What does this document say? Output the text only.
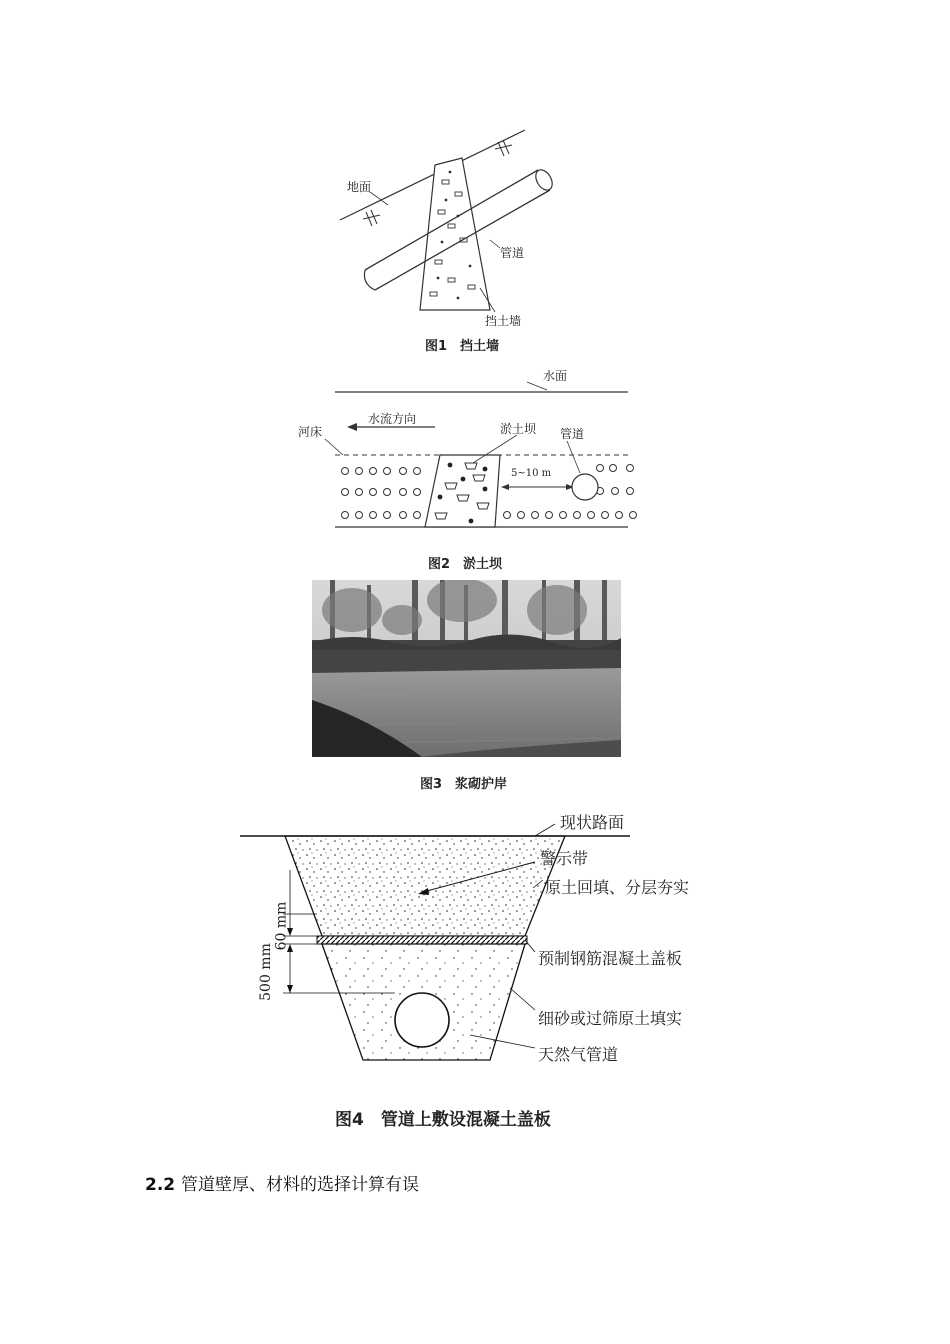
地面
管道
挡土墙
图1　挡土墙
水面
水流方向
河床	淤土坝 管道
5~10 m
图2　淤土坝
图3　浆砌护岸
现状路面
警示带
原土回填、分层夯实
预制钢筋混凝土盖板
细砂或过筛原土填实
天然气管道
60 mm
500 mm
图4　管道上敷设混凝土盖板
2.2 管道壁厚、材料的选择计算有误
